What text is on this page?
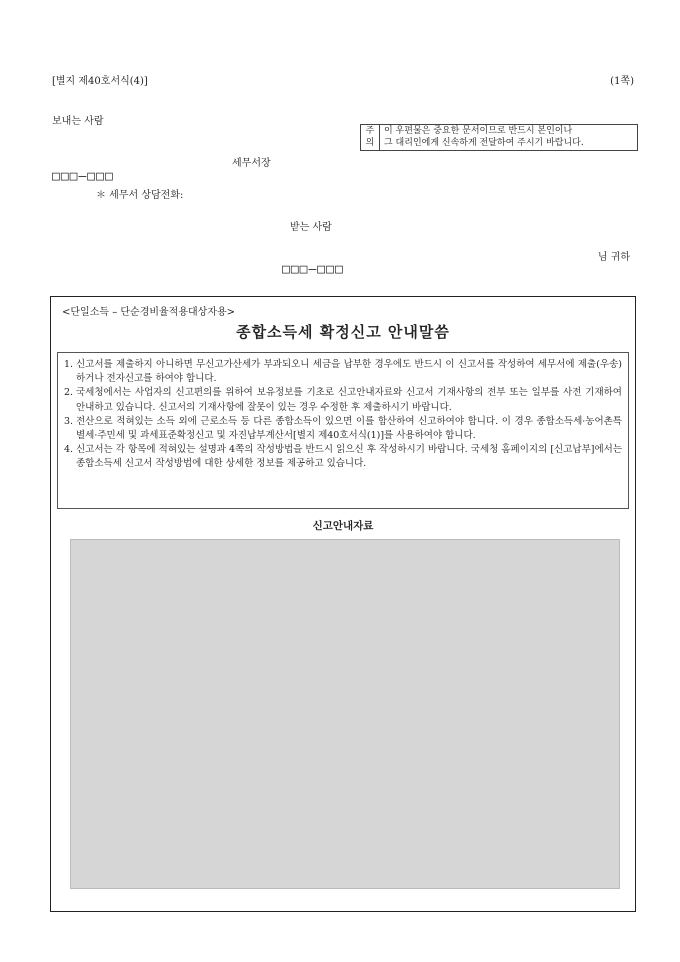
[별지 제40호서식(4)]	(1쪽)
보내는 사람
주
의
이 우편물은 중요한 문서이므로 반드시 본인이나
그 대리인에게 신속하게 전달하여 주시기 바랍니다.
세무서장
□□□–□□□
＊ 세무서 상담전화:
받는 사람
님 귀하
□□□–□□□
<단일소득 – 단순경비율적용대상자용>
종합소득세 확정신고 안내말씀

1. 신고서를 제출하지 아니하면 무신고가산세가 부과되오니 세금을 납부한 경우에도 반드시 이 신고서를 작성하여 세무서에 제출(우송)하거나 전자신고를 하여야 합니다.

2. 국세청에서는 사업자의 신고편의를 위하여 보유정보를 기초로 신고안내자료와 신고서 기재사항의 전부 또는 일부를 사전 기재하여 안내하고 있습니다. 신고서의 기재사항에 잘못이 있는 경우 수정한 후 제출하시기 바랍니다.

3. 전산으로 적혀있는 소득 외에 근로소득 등 다른 종합소득이 있으면 이를 합산하여 신고하여야 합니다. 이 경우 종합소득세·농어촌특별세·주민세 및 과세표준확정신고 및 자진납부계산서[별지 제40호서식(1)]를 사용하여야 합니다.

4. 신고서는 각 항목에 적혀있는 설명과 4쪽의 작성방법을 반드시 읽으신 후 작성하시기 바랍니다. 국세청 홈페이지의 [신고납부]에서는 종합소득세 신고서 작성방법에 대한 상세한 정보를 제공하고 있습니다.

신고안내자료
